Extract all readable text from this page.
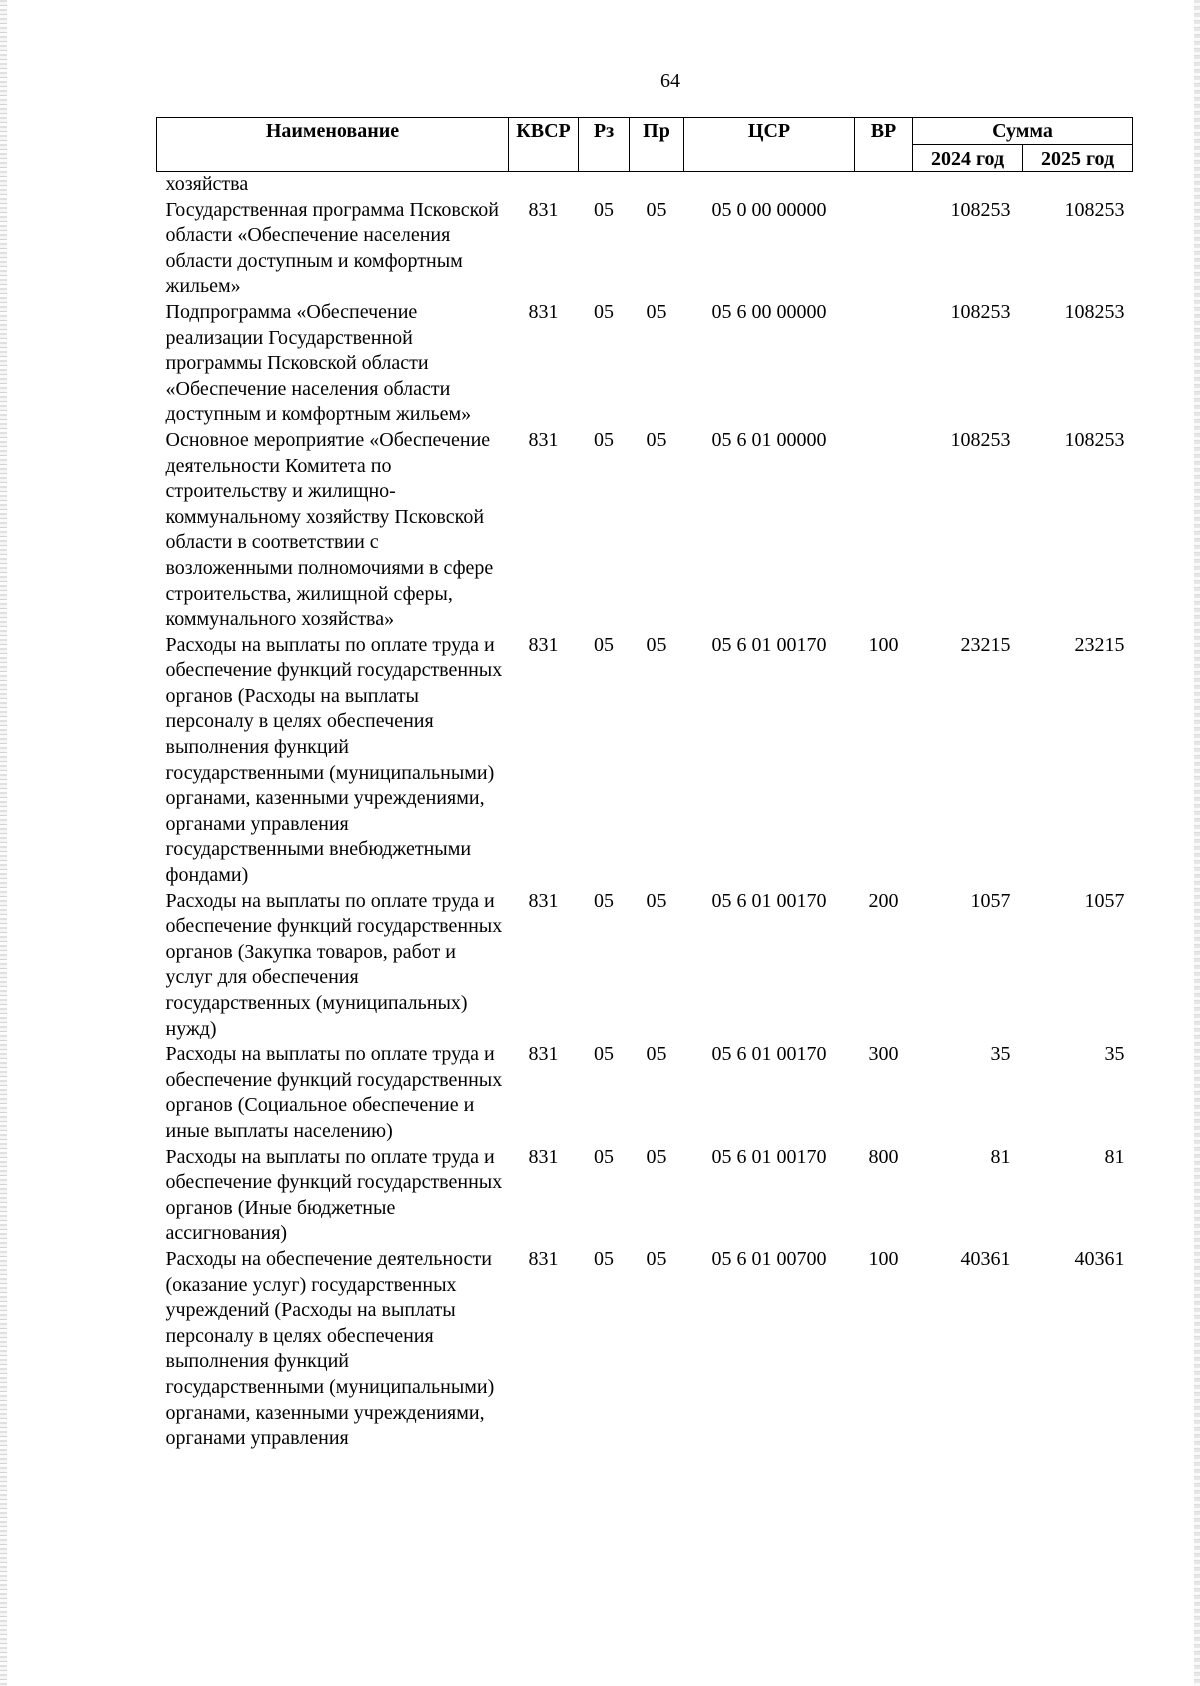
64
Наименование	КВСР	Рз	Пр	ЦСР	ВР	Сумма	
						2024 год	2025 год
хозяйства							
Государственная программа Псковской области «Обеспечение населения области доступным и комфортным жильем»	831	05	05	05 0 00 00000		108253	108253
Подпрограмма «Обеспечение реализации Государственной программы Псковской области «Обеспечение населения области доступным и комфортным жильем»	831	05	05	05 6 00 00000		108253	108253
Основное мероприятие «Обеспечение деятельности Комитета по строительству и жилищно-коммунальному хозяйству Псковской области в соответствии с возложенными полномочиями в сфере строительства, жилищной сферы, коммунального хозяйства»	831	05	05	05 6 01 00000		108253	108253
Расходы на выплаты по оплате труда и обеспечение функций государственных органов (Расходы на выплаты персоналу в целях обеспечения выполнения функций государственными (муниципальными) органами, казенными учреждениями, органами управления государственными внебюджетными фондами)	831	05	05	05 6 01 00170	100	23215	23215
Расходы на выплаты по оплате труда и обеспечение функций государственных органов (Закупка товаров, работ и услуг для обеспечения государственных (муниципальных) нужд)	831	05	05	05 6 01 00170	200	1057	1057
Расходы на выплаты по оплате труда и обеспечение функций государственных органов (Социальное обеспечение и иные выплаты населению)	831	05	05	05 6 01 00170	300	35	35
Расходы на выплаты по оплате труда и обеспечение функций государственных органов (Иные бюджетные ассигнования)	831	05	05	05 6 01 00170	800	81	81
Расходы на обеспечение деятельности (оказание услуг) государственных учреждений (Расходы на выплаты персоналу в целях обеспечения выполнения функций государственными (муниципальными) органами, казенными учреждениями, органами управления	831	05	05	05 6 01 00700	100	40361	40361
